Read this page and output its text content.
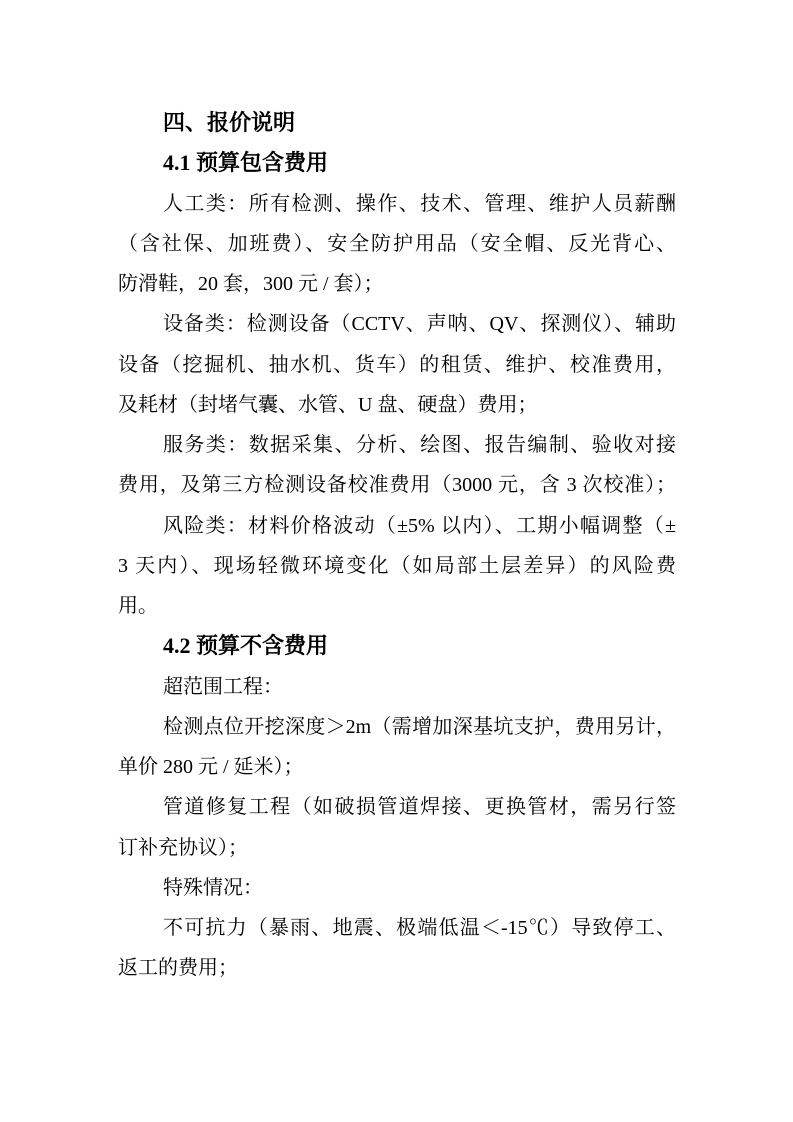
四、报价说明
4.1 预算包含费用
人工类：所有检测、操作、技术、管理、维护人员薪酬
（含社保、加班费）、安全防护用品（安全帽、反光背心、
防滑鞋，20 套，300 元 / 套）；
设备类：检测设备（CCTV、声呐、QV、探测仪）、辅助
设备（挖掘机、抽水机、货车）的租赁、维护、校准费用，
及耗材（封堵气囊、水管、U 盘、硬盘）费用；
服务类：数据采集、分析、绘图、报告编制、验收对接
费用，及第三方检测设备校准费用（3000 元，含 3 次校准）；
风险类：材料价格波动（±5% 以内）、工期小幅调整（±
3 天内）、现场轻微环境变化（如局部土层差异）的风险费
用。
4.2 预算不含费用
超范围工程：
检测点位开挖深度＞2m（需增加深基坑支护，费用另计，
单价 280 元 / 延米）；
管道修复工程（如破损管道焊接、更换管材，需另行签
订补充协议）；
特殊情况：
不可抗力（暴雨、地震、极端低温＜-15℃）导致停工、
返工的费用；
